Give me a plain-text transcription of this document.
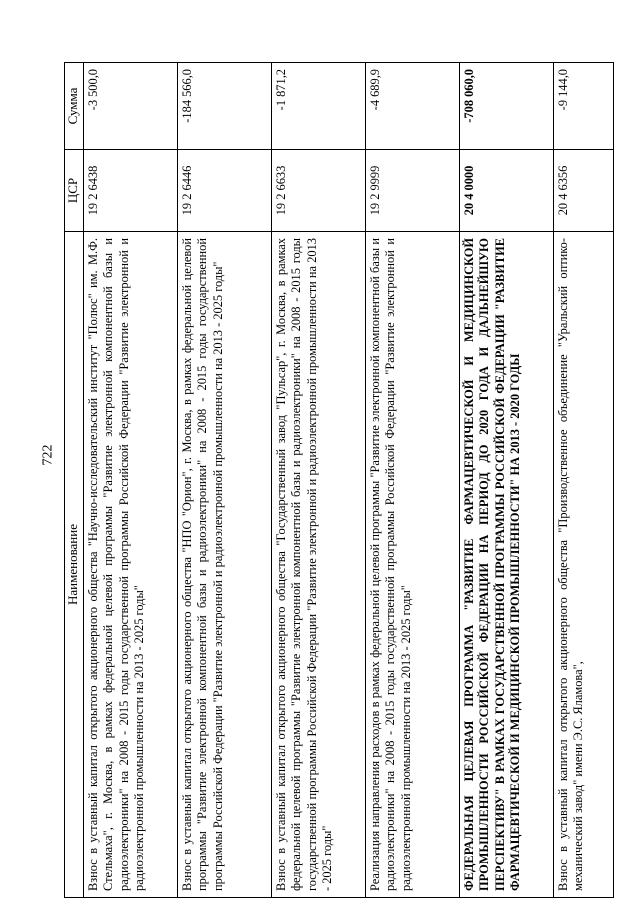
722
Наименование	ЦСР	Сумма
Взнос в уставный капитал открытого акционерного общества "Научно-исследовательский институт "Полюс" им. М.Ф. Стельмаха", г. Москва, в рамках федеральной целевой программы "Развитие электронной компонентной базы и радиоэлектроники" на 2008 - 2015 годы государственной программы Российской Федерации "Развитие электронной и радиоэлектронной промышленности на 2013 - 2025 годы"	19 2 6438	-3 500,0
Взнос в уставный капитал открытого акционерного общества "НПО "Орион", г. Москва, в рамках федеральной целевой программы "Развитие электронной компонентной базы и радиоэлектроники" на 2008 - 2015 годы государственной программы Российской Федерации "Развитие электронной и радиоэлектронной промышленности на 2013 - 2025 годы"	19 2 6446	-184 566,0
Взнос в уставный капитал открытого акционерного общества "Государственный завод "Пульсар", г. Москва, в рамках федеральной целевой программы "Развитие электронной компонентной базы и радиоэлектроники" на 2008 - 2015 годы государственной программы Российской Федерации "Развитие электронной и радиоэлектронной промышленности на 2013 - 2025 годы"	19 2 6633	-1 871,2
Реализация направления расходов в рамках федеральной целевой программы "Развитие электронной компонентной базы и радиоэлектроники" на 2008 - 2015 годы государственной программы Российской Федерации "Развитие электронной и радиоэлектронной промышленности на 2013 - 2025 годы"	19 2 9999	-4 689,9
ФЕДЕРАЛЬНАЯ ЦЕЛЕВАЯ ПРОГРАММА "РАЗВИТИЕ ФАРМАЦЕВТИЧЕСКОЙ И МЕДИЦИНСКОЙ ПРОМЫШЛЕННОСТИ РОССИЙСКОЙ ФЕДЕРАЦИИ НА ПЕРИОД ДО 2020 ГОДА И ДАЛЬНЕЙШУЮ ПЕРСПЕКТИВУ" В РАМКАХ ГОСУДАРСТВЕННОЙ ПРОГРАММЫ РОССИЙСКОЙ ФЕДЕРАЦИИ "РАЗВИТИЕ ФАРМАЦЕВТИЧЕСКОЙ И МЕДИЦИНСКОЙ ПРОМЫШЛЕННОСТИ" НА 2013 - 2020 ГОДЫ	20 4 0000	-708 060,0
Взнос в уставный капитал открытого акционерного общества "Производственное объединение "Уральский оптико-механический завод" имени Э.С. Яламова",	20 4 6356	-9 144,0
